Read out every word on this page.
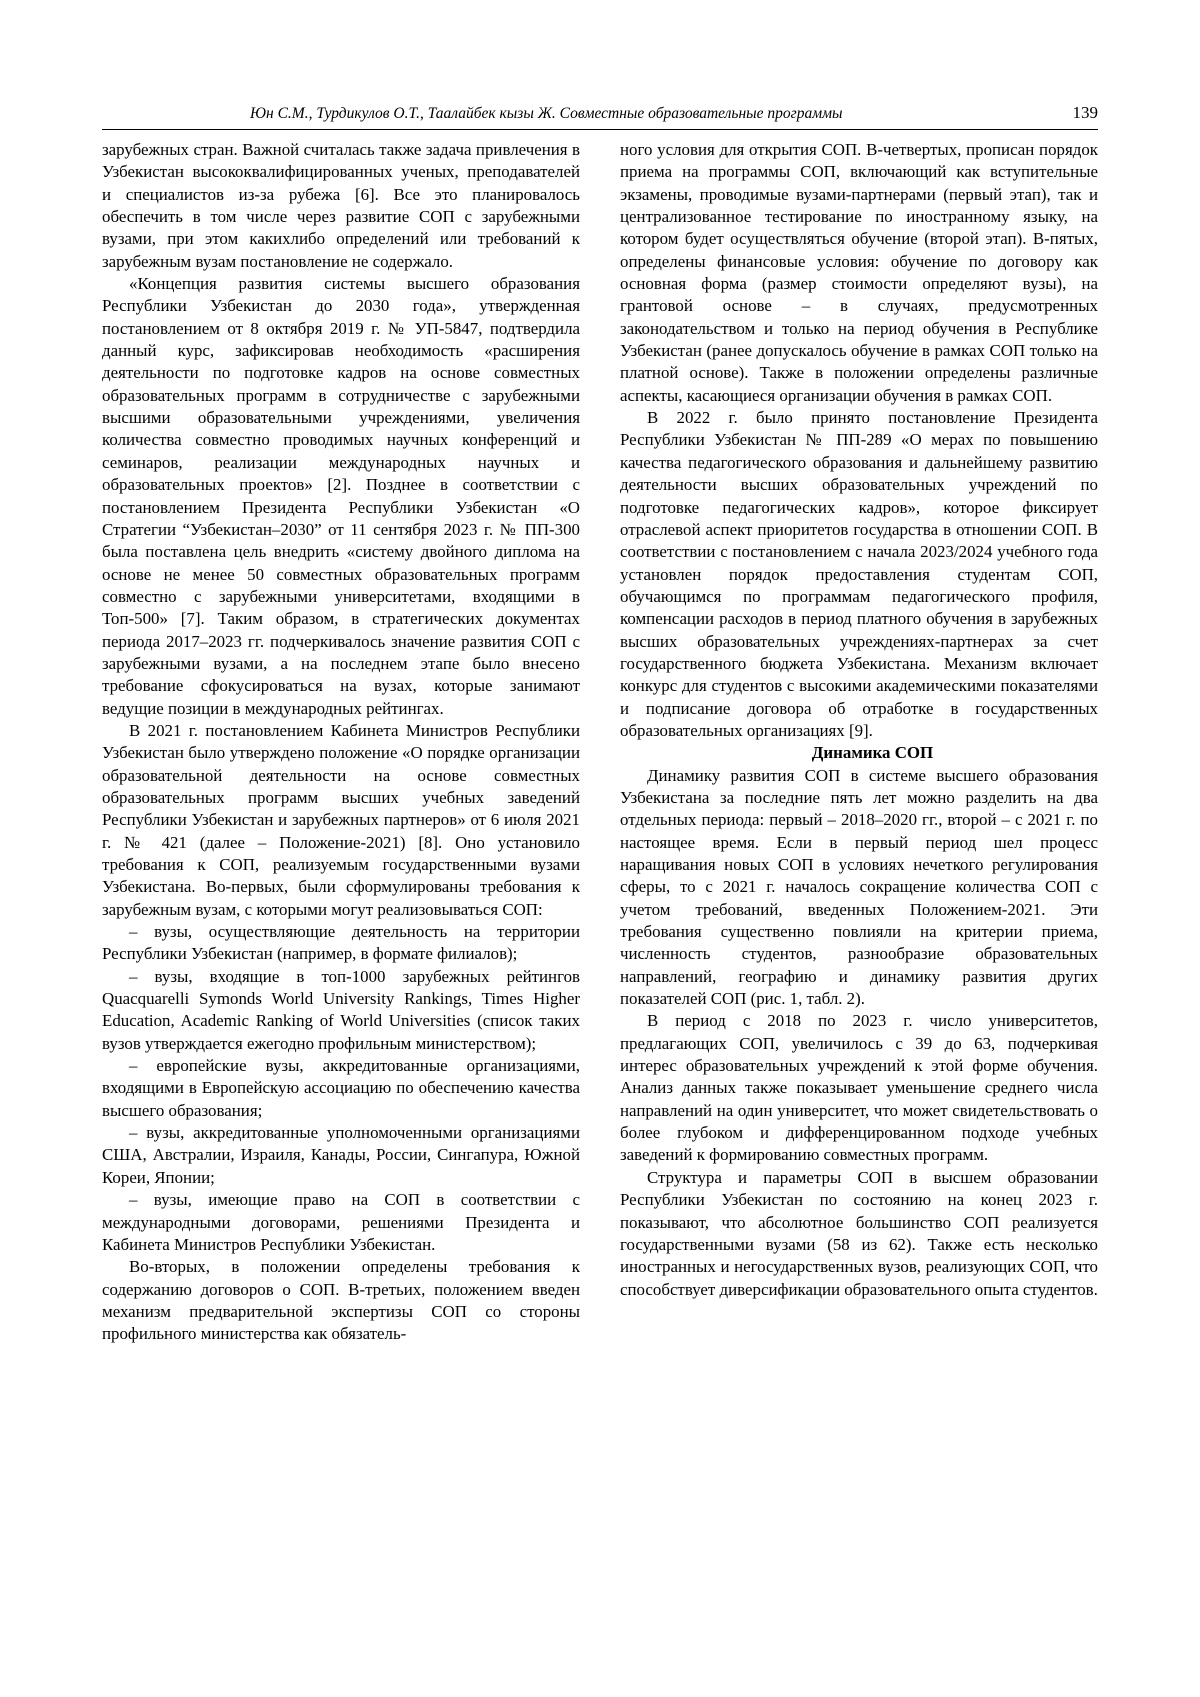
Юн С.М., Турдикулов О.Т., Таалайбек кызы Ж. Совместные образовательные программы	139

зарубежных стран. Важной считалась также задача привлечения в Узбекистан высококвалифицированных ученых, преподавателей и специалистов из-за рубежа [6]. Все это планировалось обеспечить в том числе через развитие СОП с зарубежными вузами, при этом какихлибо определений или требований к зарубежным вузам постановление не содержало.

«Концепция развития системы высшего образования Республики Узбекистан до 2030 года», утвержденная постановлением от 8 октября 2019 г. № УП-5847, подтвердила данный курс, зафиксировав необходимость «расширения деятельности по подготовке кадров на основе совместных образовательных программ в сотрудничестве с зарубежными высшими образовательными учреждениями, увеличения количества совместно проводимых научных конференций и семинаров, реализации международных научных и образовательных проектов» [2]. Позднее в соответствии с постановлением Президента Республики Узбекистан «О Стратегии “Узбекистан–2030” от 11 сентября 2023 г. № ПП-300 была поставлена цель внедрить «систему двойного диплома на основе не менее 50 совместных образовательных программ совместно с зарубежными университетами, входящими в Топ-500» [7]. Таким образом, в стратегических документах периода 2017–2023 гг. подчеркивалось значение развития СОП с зарубежными вузами, а на последнем этапе было внесено требование сфокусироваться на вузах, которые занимают ведущие позиции в международных рейтингах.

В 2021 г. постановлением Кабинета Министров Республики Узбекистан было утверждено положение «О порядке организации образовательной деятельности на основе совместных образовательных программ высших учебных заведений Республики Узбекистан и зарубежных партнеров» от 6 июля 2021 г. № 421 (далее – Положение-2021) [8]. Оно установило требования к СОП, реализуемым государственными вузами Узбекистана. Во-первых, были сформулированы требования к зарубежным вузам, с которыми могут реализовываться СОП:

– вузы, осуществляющие деятельность на территории Республики Узбекистан (например, в формате филиалов);

– вузы, входящие в топ-1000 зарубежных рейтингов Quacquarelli Symonds World University Rankings, Times Higher Education, Academic Ranking of World Universities (список таких вузов утверждается ежегодно профильным министерством);

– европейские вузы, аккредитованные организациями, входящими в Европейскую ассоциацию по обеспечению качества высшего образования;

– вузы, аккредитованные уполномоченными организациями США, Австралии, Израиля, Канады, России, Сингапура, Южной Кореи, Японии;

– вузы, имеющие право на СОП в соответствии с международными договорами, решениями Президента и Кабинета Министров Республики Узбекистан.

Во-вторых, в положении определены требования к содержанию договоров о СОП. В-третьих, положением введен механизм предварительной экспертизы СОП со стороны профильного министерства как обязатель-

ного условия для открытия СОП. В-четвертых, прописан порядок приема на программы СОП, включающий как вступительные экзамены, проводимые вузами-партнерами (первый этап), так и централизованное тестирование по иностранному языку, на котором будет осуществляться обучение (второй этап). В-пятых, определены финансовые условия: обучение по договору как основная форма (размер стоимости определяют вузы), на грантовой основе – в случаях, предусмотренных законодательством и только на период обучения в Республике Узбекистан (ранее допускалось обучение в рамках СОП только на платной основе). Также в положении определены различные аспекты, касающиеся организации обучения в рамках СОП.

В 2022 г. было принято постановление Президента Республики Узбекистан № ПП-289 «О мерах по повышению качества педагогического образования и дальнейшему развитию деятельности высших образовательных учреждений по подготовке педагогических кадров», которое фиксирует отраслевой аспект приоритетов государства в отношении СОП. В соответствии с постановлением с начала 2023/2024 учебного года установлен порядок предоставления студентам СОП, обучающимся по программам педагогического профиля, компенсации расходов в период платного обучения в зарубежных высших образовательных учреждениях-партнерах за счет государственного бюджета Узбекистана. Механизм включает конкурс для студентов с высокими академическими показателями и подписание договора об отработке в государственных образовательных организациях [9].

Динамика СОП

Динамику развития СОП в системе высшего образования Узбекистана за последние пять лет можно разделить на два отдельных периода: первый – 2018–2020 гг., второй – с 2021 г. по настоящее время. Если в первый период шел процесс наращивания новых СОП в условиях нечеткого регулирования сферы, то с 2021 г. началось сокращение количества СОП с учетом требований, введенных Положением-2021. Эти требования существенно повлияли на критерии приема, численность студентов, разнообразие образовательных направлений, географию и динамику развития других показателей СОП (рис. 1, табл. 2).

В период с 2018 по 2023 г. число университетов, предлагающих СОП, увеличилось с 39 до 63, подчеркивая интерес образовательных учреждений к этой форме обучения. Анализ данных также показывает уменьшение среднего числа направлений на один университет, что может свидетельствовать о более глубоком и дифференцированном подходе учебных заведений к формированию совместных программ.

Структура и параметры СОП в высшем образовании Республики Узбекистан по состоянию на конец 2023 г. показывают, что абсолютное большинство СОП реализуется государственными вузами (58 из 62). Также есть несколько иностранных и негосударственных вузов, реализующих СОП, что способствует диверсификации образовательного опыта студентов.
